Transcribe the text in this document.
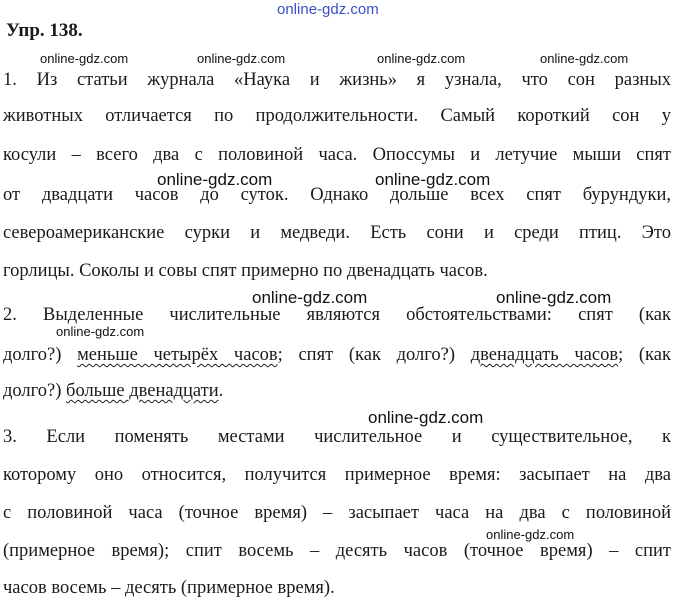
online-gdz.com
Упр. 138.
online-gdz.com	online-gdz.com	online-gdz.com	online-gdz.com
1. Из статьи журнала «Наука и жизнь» я узнала, что сон разных
животных отличается по продолжительности. Самый короткий сон у
косули – всего два с половиной часа. Опоссумы и летучие мыши спят
от двадцати часов до суток. Однако дольше всех спят бурундуки,
online-gdz.com	online-gdz.com
североамериканские сурки и медведи. Есть сони и среди птиц. Это
горлицы. Соколы и совы спят примерно по двенадцать часов.
online-gdz.com	online-gdz.com
2. Выделенные числительные являются обстоятельствами: спят (как
online-gdz.com
долго?) меньше четырёх часов; спят (как долго?) двенадцать часов; (как
долго?) больше двенадцати.
online-gdz.com
3. Если поменять местами числительное и существительное, к
которому оно относится, получится примерное время: засыпает на два
с половиной часа (точное время) – засыпает часа на два с половиной
online-gdz.com
(примерное время); спит восемь – десять часов (точное время) – спит
часов восемь – десять (примерное время).
